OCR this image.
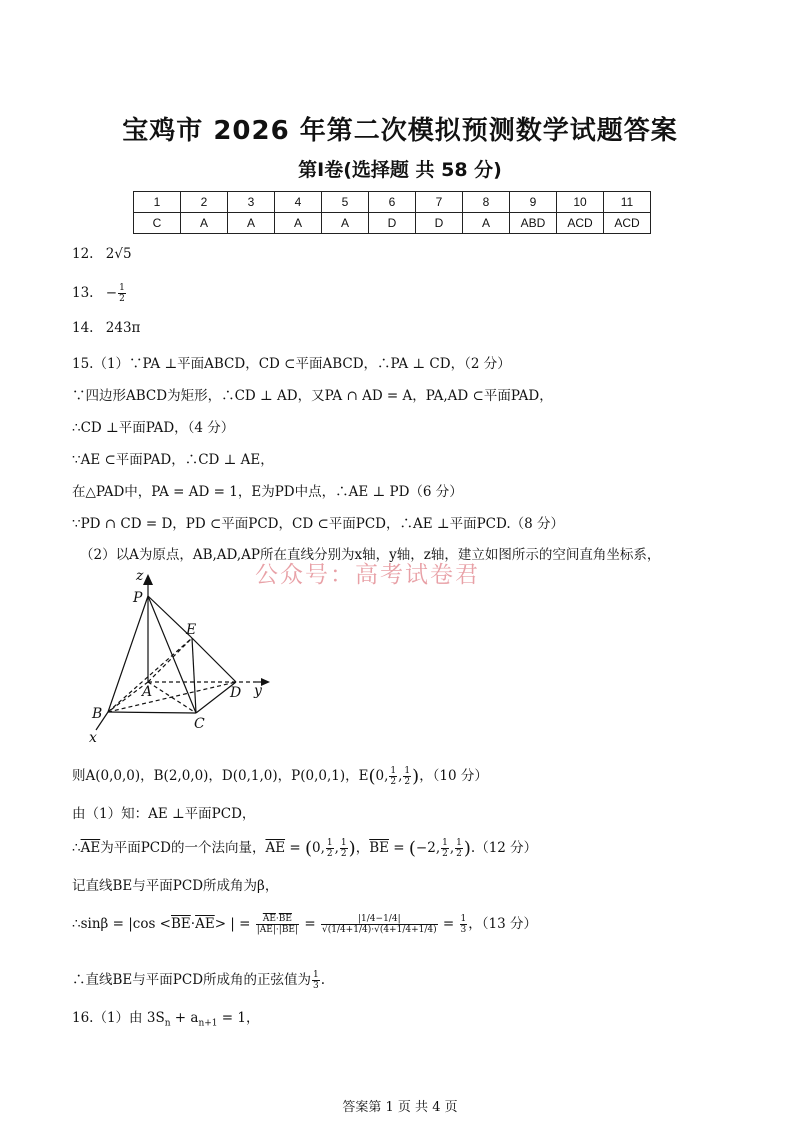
宝鸡市 2026 年第二次模拟预测数学试题答案
第Ⅰ卷(选择题 共 58 分)
1	2	3	4	5	6	7	8	9	10	11
C	A	A	A	A	D	D	A	ABD	ACD	ACD
12. 2√5
13. − $\frac{1}{2}$
14. 243π
15.（1）∵PA ⊥平面ABCD，CD ⊂平面ABCD，∴PA ⊥ CD，（2 分）
∵四边形ABCD为矩形，∴CD ⊥ AD，又PA ∩ AD = A，PA,AD ⊂平面PAD，
∴CD ⊥平面PAD，（4 分）
∵AE ⊂平面PAD，∴CD ⊥ AE，
在△PAD中，PA = AD = 1，E为PD中点，∴AE ⊥ PD（6 分）
∵PD ∩ CD = D，PD ⊂平面PCD，CD ⊂平面PCD，∴AE ⊥平面PCD.（8 分）
（2）以A为原点，AB,AD,AP所在直线分别为x轴，y轴，z轴，建立如图所示的空间直角坐标系，
公众号：高考试卷君
z
P
E
A	D y
B
C
x
则A(0,0,0)，B(2,0,0)，D(0,1,0)，P(0,0,1)，E(0, $\frac{1}{2}$ , $\frac{1}{2}$ )，（10 分）
由（1）知：AE ⊥平面PCD，
$\therefore\overline{AE}$为平面PCD的一个法向量，$\overline{AE} = (0$, $\frac{1}{2}$ , $\frac{1}{2}$ )，$\overline{BE} = (-2$, $\frac{1}{2}$ , $\frac{1}{2} ).(12$ 分）
记直线BE与平面PCD所成角为β，
∴sinβ = $|\cos <\overline{BE}\cdot\overline{AE}>$ | = $\frac{\overline{AE}\cdot\overline{BE}}{|\overline{AE}|\cdot|\overline{BE}|} = \frac{|1/4-1/4|}{√(1/4+1/4)\cdot√(4+1/4+1/4)} = \frac{1}{3}$ ，（13 分）
∴直线BE与平面PCD所成角的正弦值为 $\frac{1}{3}$ .
16.（1）由 $3S_n + a_{n+1} = 1$，
答案第 1 页 共 4 页
